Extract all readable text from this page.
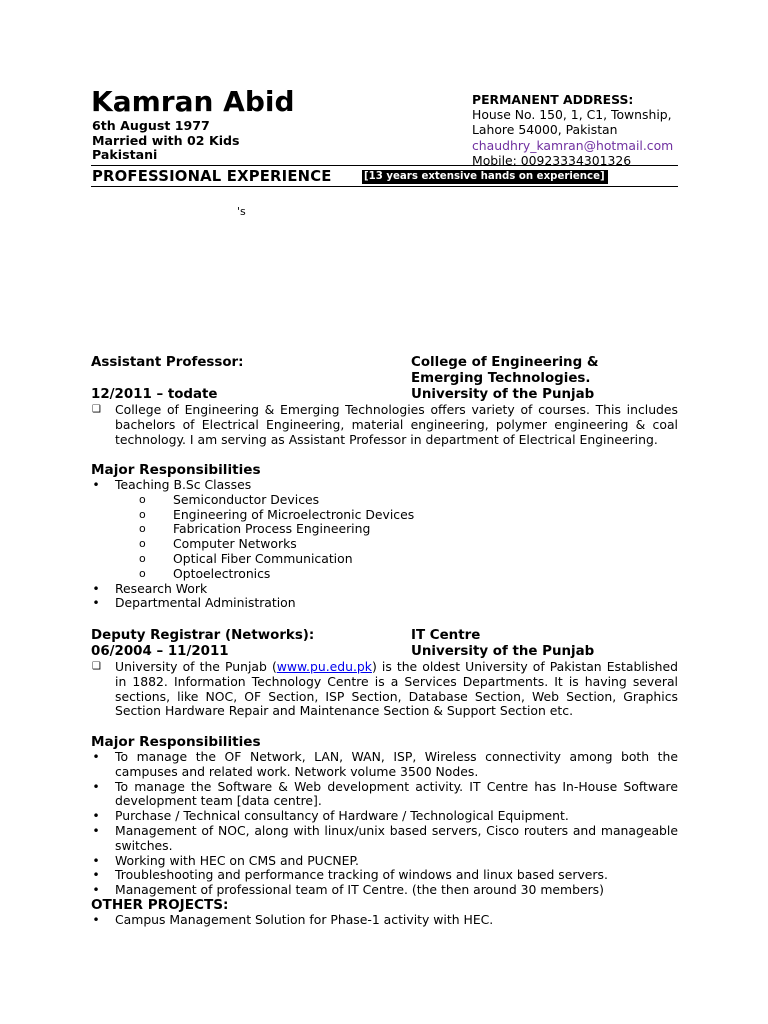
Kamran Abid
6th August 1977
Married with 02 Kids
Pakistani
PERMANENT ADDRESS:
House No. 150, 1, C1, Township,
Lahore 54000, Pakistan
chaudhry_kamran@hotmail.com
Mobile: 00923334301326
PROFESSIONAL EXPERIENCE	[13 years extensive hands on experience]
's
Assistant Professor:	College of Engineering &
Emerging Technologies.
12/2011 – todate	University of the Punjab
❑ College of Engineering & Emerging Technologies offers variety of courses. This includes bachelors of Electrical Engineering, material engineering, polymer engineering & coal technology. I am serving as Assistant Professor in department of Electrical Engineering.
Major Responsibilities
• Teaching B.Sc Classes
o Semiconductor Devices
o Engineering of Microelectronic Devices
o Fabrication Process Engineering
o Computer Networks
o Optical Fiber Communication
o Optoelectronics
• Research Work
• Departmental Administration
Deputy Registrar (Networks):	IT Centre
06/2004 – 11/2011	University of the Punjab
❑ University of the Punjab (www.pu.edu.pk) is the oldest University of Pakistan Established in 1882. Information Technology Centre is a Services Departments. It is having several sections, like NOC, OF Section, ISP Section, Database Section, Web Section, Graphics Section Hardware Repair and Maintenance Section & Support Section etc.
Major Responsibilities
• To manage the OF Network, LAN, WAN, ISP, Wireless connectivity among both the campuses and related work. Network volume 3500 Nodes.
• To manage the Software & Web development activity. IT Centre has In-House Software development team [data centre].
• Purchase / Technical consultancy of Hardware / Technological Equipment.
• Management of NOC, along with linux/unix based servers, Cisco routers and manageable switches.
• Working with HEC on CMS and PUCNEP.
• Troubleshooting and performance tracking of windows and linux based servers.
• Management of professional team of IT Centre. (the then around 30 members)
OTHER PROJECTS:
• Campus Management Solution for Phase-1 activity with HEC.
